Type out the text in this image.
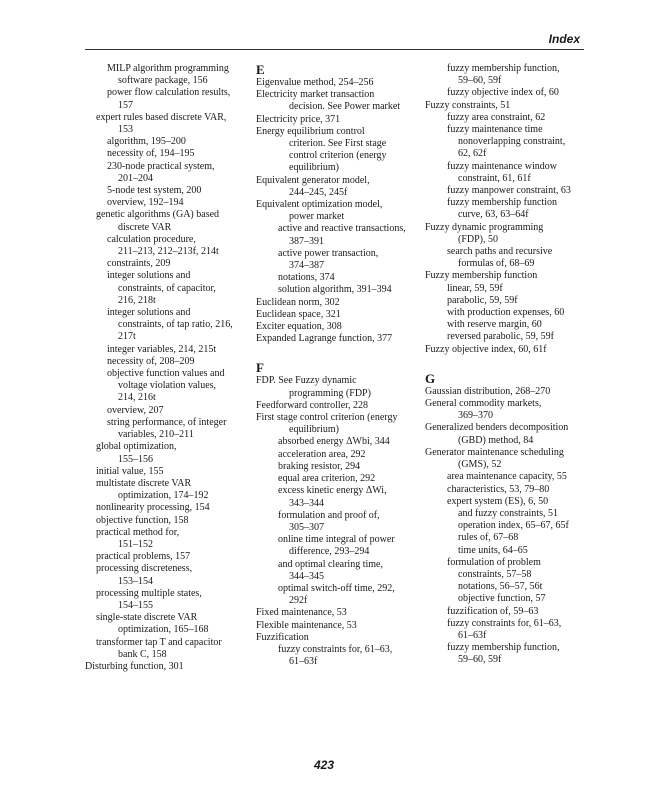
Index
MILP algorithm programming
software package, 156
power flow calculation results,
157
expert rules based discrete VAR,
153
algorithm, 195–200
necessity of, 194–195
230-node practical system,
201–204
5-node test system, 200
overview, 192–194
genetic algorithms (GA) based
discrete VAR
calculation procedure,
211–213, 212–213f, 214t
constraints, 209
integer solutions and
constraints, of capacitor,
216, 218t
integer solutions and
constraints, of tap ratio, 216,
217t
integer variables, 214, 215t
necessity of, 208–209
objective function values and
voltage violation values,
214, 216t
overview, 207
string performance, of integer
variables, 210–211
global optimization,
155–156
initial value, 155
multistate discrete VAR
optimization, 174–192
nonlinearity processing, 154
objective function, 158
practical method for,
151–152
practical problems, 157
processing discreteness,
153–154
processing multiple states,
154–155
single-state discrete VAR
optimization, 165–168
transformer tap T and capacitor
bank C, 158
Disturbing function, 301
E
Eigenvalue method, 254–256
Electricity market transaction
decision. See Power market
Electricity price, 371
Energy equilibrium control
criterion. See First stage
control criterion (energy
equilibrium)
Equivalent generator model,
244–245, 245f
Equivalent optimization model,
power market
active and reactive transactions,
387–391
active power transaction,
374–387
notations, 374
solution algorithm, 391–394
Euclidean norm, 302
Euclidean space, 321
Exciter equation, 308
Expanded Lagrange function, 377
F
FDP. See Fuzzy dynamic
programming (FDP)
Feedforward controller, 228
First stage control criterion (energy
equilibrium)
absorbed energy ΔWbi, 344
acceleration area, 292
braking resistor, 294
equal area criterion, 292
excess kinetic energy ΔWi,
343–344
formulation and proof of,
305–307
online time integral of power
difference, 293–294
and optimal clearing time,
344–345
optimal switch-off time, 292,
292f
Fixed maintenance, 53
Flexible maintenance, 53
Fuzzification
fuzzy constraints for, 61–63,
61–63f
fuzzy membership function,
59–60, 59f
fuzzy objective index of, 60
Fuzzy constraints, 51
fuzzy area constraint, 62
fuzzy maintenance time
nonoverlapping constraint,
62, 62f
fuzzy maintenance window
constraint, 61, 61f
fuzzy manpower constraint, 63
fuzzy membership function
curve, 63, 63–64f
Fuzzy dynamic programming
(FDP), 50
search paths and recursive
formulas of, 68–69
Fuzzy membership function
linear, 59, 59f
parabolic, 59, 59f
with production expenses, 60
with reserve margin, 60
reversed parabolic, 59, 59f
Fuzzy objective index, 60, 61f
G
Gaussian distribution, 268–270
General commodity markets,
369–370
Generalized benders decomposition
(GBD) method, 84
Generator maintenance scheduling
(GMS), 52
area maintenance capacity, 55
characteristics, 53, 79–80
expert system (ES), 6, 50
and fuzzy constraints, 51
operation index, 65–67, 65f
rules of, 67–68
time units, 64–65
formulation of problem
constraints, 57–58
notations, 56–57, 56t
objective function, 57
fuzzification of, 59–63
fuzzy constraints for, 61–63,
61–63f
fuzzy membership function,
59–60, 59f
423
